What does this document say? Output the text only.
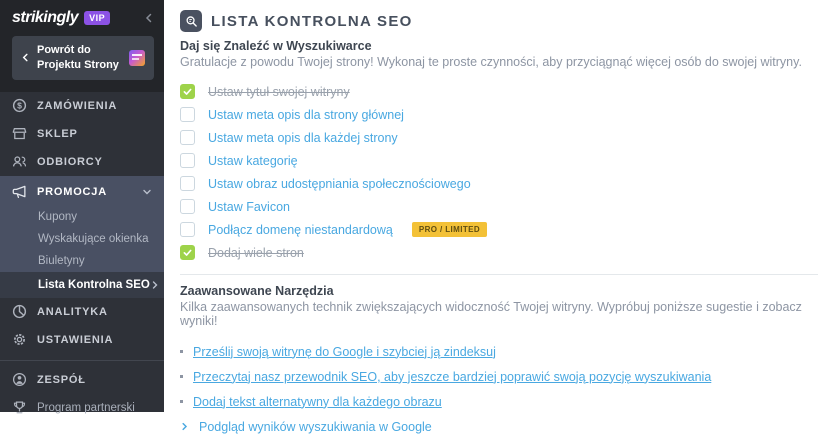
strikingly	VIP
Powrót do Projektu Strony
$ ZAMÓWIENIA
SKLEP
ODBIORCY
PROMOCJA
Kupony
Wyskakujące okienka
Biuletyny
Lista Kontrolna SEO
ANALITYKA
USTAWIENIA
ZESPÓŁ
Program partnerski
LISTA KONTROLNA SEO
Daj się Znaleźć w Wyszukiwarce
Gratulacje z powodu Twojej strony! Wykonaj te proste czynności, aby przyciągnąć więcej osób do swojej witryny.
Ustaw tytuł swojej witryny
Ustaw meta opis dla strony głównej
Ustaw meta opis dla każdej strony
Ustaw kategorię
Ustaw obraz udostępniania społecznościowego
Ustaw Favicon
Podłącz domenę niestandardową	PRO / LIMITED
Dodaj wiele stron
Zaawansowane Narzędzia
Kilka zaawansowanych technik zwiększających widoczność Twojej witryny. Wypróbuj poniższe sugestie i zobacz wyniki!
Prześlij swoją witrynę do Google i szybciej ją zindeksuj
Przeczytaj nasz przewodnik SEO, aby jeszcze bardziej poprawić swoją pozycję wyszukiwania
Dodaj tekst alternatywny dla każdego obrazu
Podgląd wyników wyszukiwania w Google
